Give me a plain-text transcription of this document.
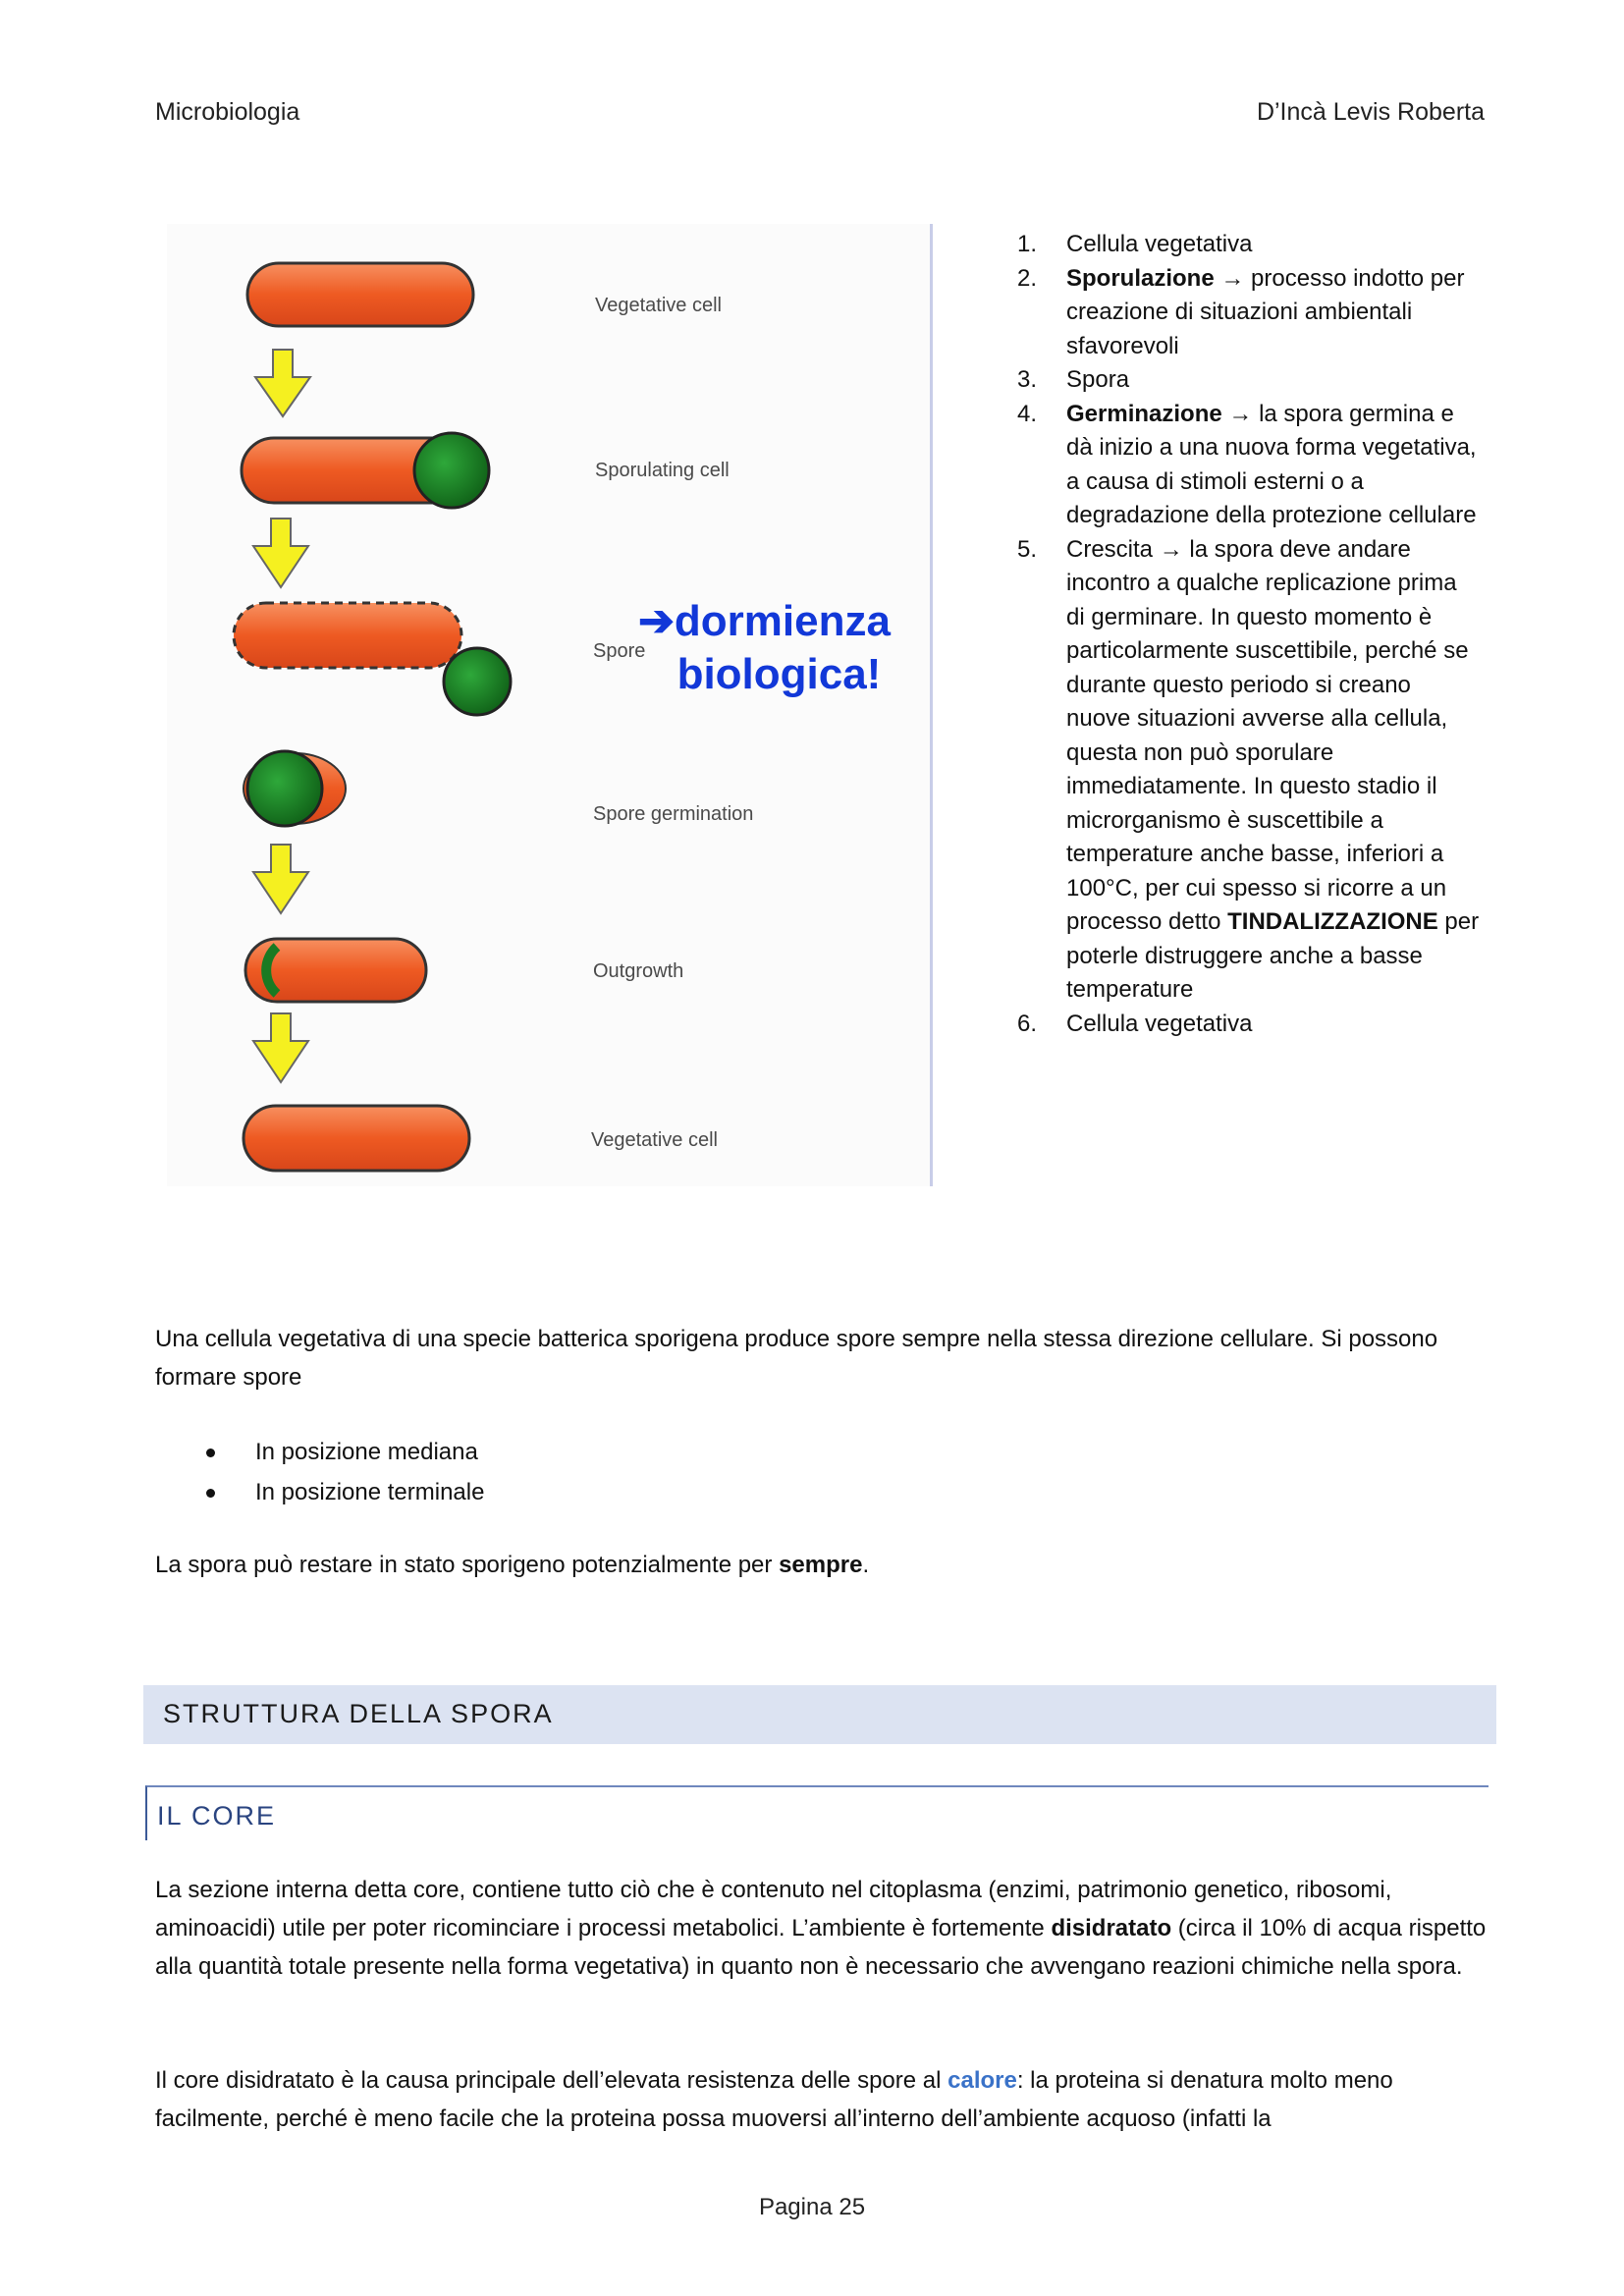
Microbiologia	D’Incà Levis Roberta
Vegetative cell
Sporulating cell
Spore
Spore germination
Outgrowth
Vegetative cell
➔dormienza
biologica!
1. Cellula vegetativa
2. Sporulazione → processo indotto per creazione di situazioni ambientali sfavorevoli
3. Spora
4. Germinazione → la spora germina e dà inizio a una nuova forma vegetativa, a causa di stimoli esterni o a degradazione della protezione cellulare
5. Crescita → la spora deve andare incontro a qualche replicazione prima di germinare. In questo momento è particolarmente suscettibile, perché se durante questo periodo si creano nuove situazioni avverse alla cellula, questa non può sporulare immediatamente. In questo stadio il microrganismo è suscettibile a temperature anche basse, inferiori a 100°C, per cui spesso si ricorre a un processo detto TINDALIZZAZIONE per poterle distruggere anche a basse temperature
6. Cellula vegetativa
Una cellula vegetativa di una specie batterica sporigena produce spore sempre nella stessa direzione cellulare. Si possono formare spore
In posizione mediana
In posizione terminale
La spora può restare in stato sporigeno potenzialmente per sempre.
STRUTTURA DELLA SPORA
IL CORE
La sezione interna detta core, contiene tutto ciò che è contenuto nel citoplasma (enzimi, patrimonio genetico, ribosomi, aminoacidi) utile per poter ricominciare i processi metabolici. L’ambiente è fortemente disidratato (circa il 10% di acqua rispetto alla quantità totale presente nella forma vegetativa) in quanto non è necessario che avvengano reazioni chimiche nella spora.
Il core disidratato è la causa principale dell’elevata resistenza delle spore al calore: la proteina si denatura molto meno facilmente, perché è meno facile che la proteina possa muoversi all’interno dell’ambiente acquoso (infatti la
Pagina 25
